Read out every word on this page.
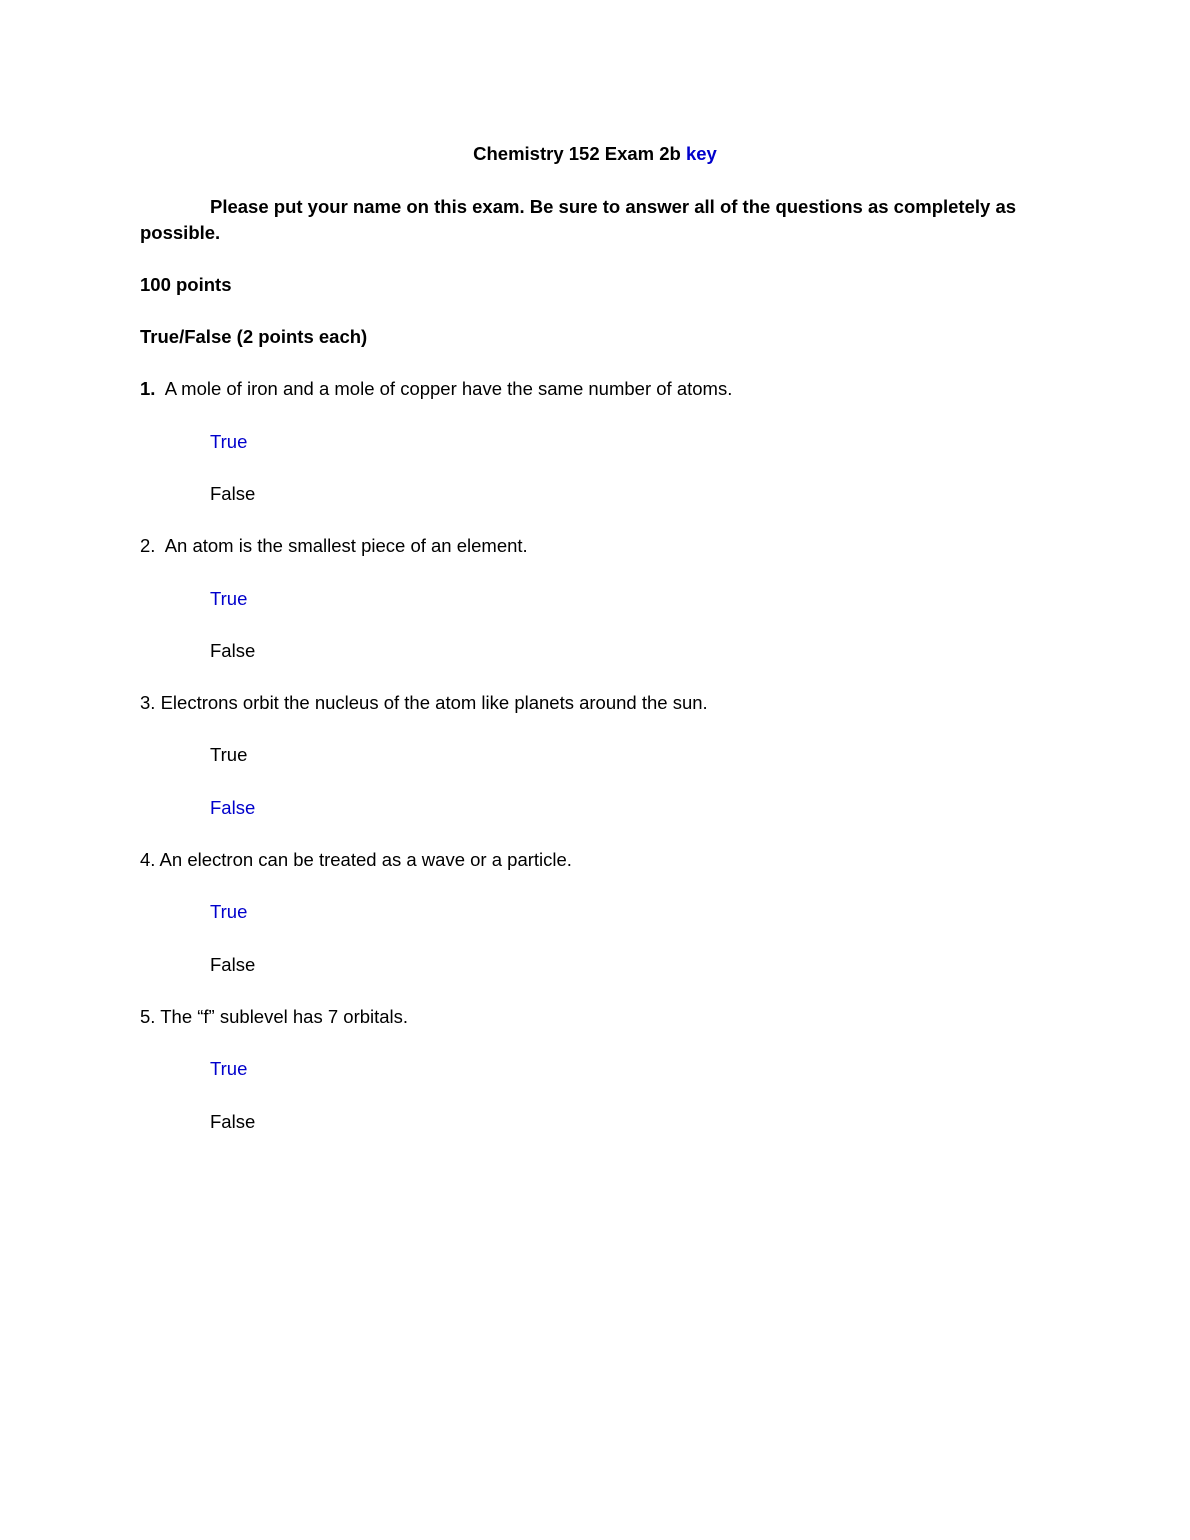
Chemistry 152 Exam 2b key
Please put your name on this exam. Be sure to answer all of the questions as completely as possible.
100 points
True/False (2 points each)
1.  A mole of iron and a mole of copper have the same number of atoms.
True
False
2.  An atom is the smallest piece of an element.
True
False
3. Electrons orbit the nucleus of the atom like planets around the sun.
True
False
4. An electron can be treated as a wave or a particle.
True
False
5. The “f” sublevel has 7 orbitals.
True
False
